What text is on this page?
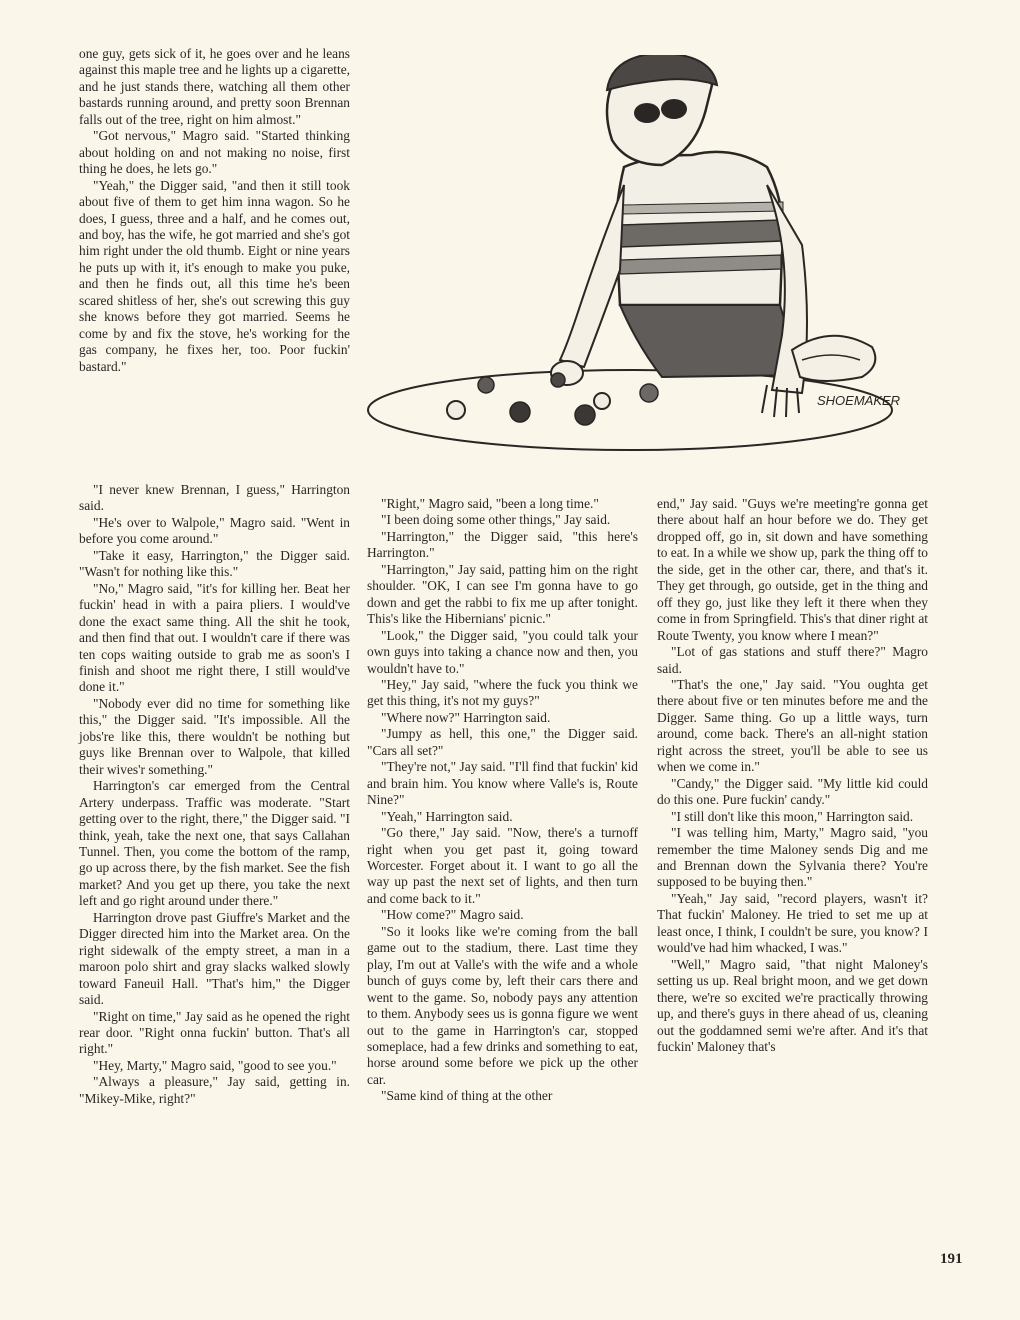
one guy, gets sick of it, he goes over and he leans against this maple tree and he lights up a cigarette, and he just stands there, watching all them other bastards running around, and pretty soon Brennan falls out of the tree, right on him almost."

"Got nervous," Magro said. "Started thinking about holding on and not making no noise, first thing he does, he lets go."

"Yeah," the Digger said, "and then it still took about five of them to get him inna wagon. So he does, I guess, three and a half, and he comes out, and boy, has the wife, he got married and she's got him right under the old thumb. Eight or nine years he puts up with it, it's enough to make you puke, and then he finds out, all this time he's been scared shitless of her, she's out screwing this guy she knows before they got married. Seems he come by and fix the stove, he's working for the gas company, he fixes her, too. Poor fuckin' bastard."

SHOEMAKER

"I never knew Brennan, I guess," Harrington said.

"He's over to Walpole," Magro said. "Went in before you come around."

"Take it easy, Harrington," the Digger said. "Wasn't for nothing like this."

"No," Magro said, "it's for killing her. Beat her fuckin' head in with a paira pliers. I would've done the exact same thing. All the shit he took, and then find that out. I wouldn't care if there was ten cops waiting outside to grab me as soon's I finish and shoot me right there, I still would've done it."

"Nobody ever did no time for something like this," the Digger said. "It's impossible. All the jobs're like this, there wouldn't be nothing but guys like Brennan over to Walpole, that killed their wives'r something."

Harrington's car emerged from the Central Artery underpass. Traffic was moderate. "Start getting over to the right, there," the Digger said. "I think, yeah, take the next one, that says Callahan Tunnel. Then, you come the bottom of the ramp, go up across there, by the fish market. See the fish market? And you get up there, you take the next left and go right around under there."

Harrington drove past Giuffre's Market and the Digger directed him into the Market area. On the right sidewalk of the empty street, a man in a maroon polo shirt and gray slacks walked slowly toward Faneuil Hall. "That's him," the Digger said.

"Right on time," Jay said as he opened the right rear door. "Right onna fuckin' button. That's all right."

"Hey, Marty," Magro said, "good to see you."

"Always a pleasure," Jay said, getting in. "Mikey-Mike, right?"

"Right," Magro said, "been a long time."

"I been doing some other things," Jay said.

"Harrington," the Digger said, "this here's Harrington."

"Harrington," Jay said, patting him on the right shoulder. "OK, I can see I'm gonna have to go down and get the rabbi to fix me up after tonight. This's like the Hibernians' picnic."

"Look," the Digger said, "you could talk your own guys into taking a chance now and then, you wouldn't have to."

"Hey," Jay said, "where the fuck you think we get this thing, it's not my guys?"

"Where now?" Harrington said.

"Jumpy as hell, this one," the Digger said. "Cars all set?"

"They're not," Jay said. "I'll find that fuckin' kid and brain him. You know where Valle's is, Route Nine?"

"Yeah," Harrington said.

"Go there," Jay said. "Now, there's a turnoff right when you get past it, going toward Worcester. Forget about it. I want to go all the way up past the next set of lights, and then turn and come back to it."

"How come?" Magro said.

"So it looks like we're coming from the ball game out to the stadium, there. Last time they play, I'm out at Valle's with the wife and a whole bunch of guys come by, left their cars there and went to the game. So, nobody pays any attention to them. Anybody sees us is gonna figure we went out to the game in Harrington's car, stopped someplace, had a few drinks and something to eat, horse around some before we pick up the other car.

"Same kind of thing at the other

end," Jay said. "Guys we're meeting're gonna get there about half an hour before we do. They get dropped off, go in, sit down and have something to eat. In a while we show up, park the thing off to the side, get in the other car, there, and that's it. They get through, go outside, get in the thing and off they go, just like they left it there when they come in from Springfield. This's that diner right at Route Twenty, you know where I mean?"

"Lot of gas stations and stuff there?" Magro said.

"That's the one," Jay said. "You oughta get there about five or ten minutes before me and the Digger. Same thing. Go up a little ways, turn around, come back. There's an all-night station right across the street, you'll be able to see us when we come in."

"Candy," the Digger said. "My little kid could do this one. Pure fuckin' candy."

"I still don't like this moon," Harrington said.

"I was telling him, Marty," Magro said, "you remember the time Maloney sends Dig and me and Brennan down the Sylvania there? You're supposed to be buying then."

"Yeah," Jay said, "record players, wasn't it? That fuckin' Maloney. He tried to set me up at least once, I think, I couldn't be sure, you know? I would've had him whacked, I was."

"Well," Magro said, "that night Maloney's setting us up. Real bright moon, and we get down there, we're so excited we're practically throwing up, and there's guys in there ahead of us, cleaning out the goddamned semi we're after. And it's that fuckin' Maloney that's

191
